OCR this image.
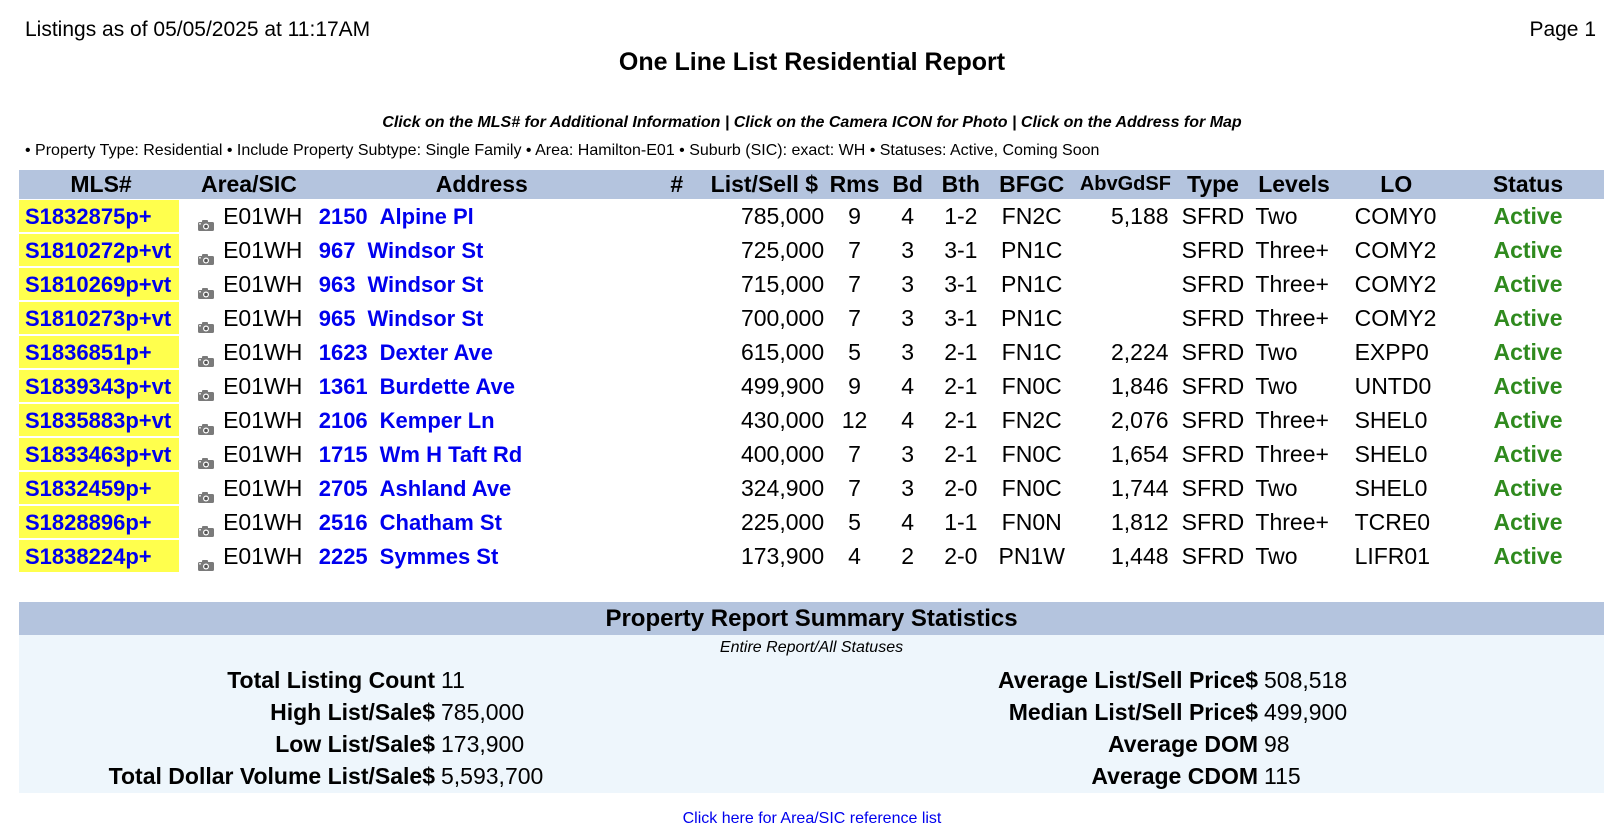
Listings as of 05/05/2025 at 11:17AM	Page 1
One Line List Residential Report
Click on the MLS# for Additional Information | Click on the Camera ICON for Photo | Click on the Address for Map
• Property Type: Residential • Include Property Subtype: Single Family • Area: Hamilton-E01 • Suburb (SIC): exact: WH • Statuses: Active, Coming Soon
MLS#	Area/SIC	Address	#	List/Sell $	Rms	Bd	Bth	BFGC	AbvGdSF	Type	Levels	LO	Status

S1832875p+	E01WH	2150 Alpine Pl		785,000	9	4	1-2	FN2C	5,188	SFRD	Two	COMY0	Active

S1810272p+vt	E01WH	967 Windsor St		725,000	7	3	3-1	PN1C		SFRD	Three+	COMY2	Active

S1810269p+vt	E01WH	963 Windsor St		715,000	7	3	3-1	PN1C		SFRD	Three+	COMY2	Active

S1810273p+vt	E01WH	965 Windsor St		700,000	7	3	3-1	PN1C		SFRD	Three+	COMY2	Active

S1836851p+	E01WH	1623 Dexter Ave		615,000	5	3	2-1	FN1C	2,224	SFRD	Two	EXPP0	Active

S1839343p+vt	E01WH	1361 Burdette Ave		499,900	9	4	2-1	FN0C	1,846	SFRD	Two	UNTD0	Active

S1835883p+vt	E01WH	2106 Kemper Ln		430,000	12	4	2-1	FN2C	2,076	SFRD	Three+	SHEL0	Active

S1833463p+vt	E01WH	1715 Wm H Taft Rd		400,000	7	3	2-1	FN0C	1,654	SFRD	Three+	SHEL0	Active

S1832459p+	E01WH	2705 Ashland Ave		324,900	7	3	2-0	FN0C	1,744	SFRD	Two	SHEL0	Active

S1828896p+	E01WH	2516 Chatham St		225,000	5	4	1-1	FN0N	1,812	SFRD	Three+	TCRE0	Active

S1838224p+	E01WH	2225 Symmes St		173,900	4	2	2-0	PN1W	1,448	SFRD	Two	LIFR01	Active
Property Report Summary Statistics
Entire Report/All Statuses
Total Listing Count 11
High List/Sale$ 785,000
Low List/Sale$ 173,900
Total Dollar Volume List/Sale$ 5,593,700
Average List/Sell Price$ 508,518
Median List/Sell Price$ 499,900
Average DOM 98
Average CDOM 115
Click here for Area/SIC reference list
